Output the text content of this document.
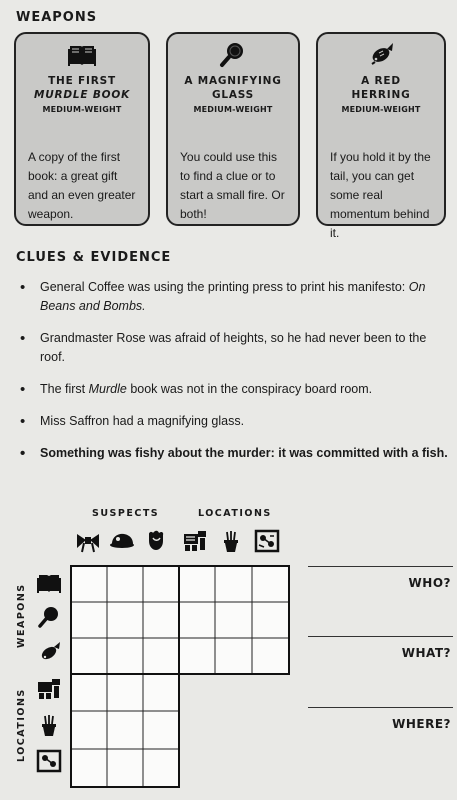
WEAPONS
THE FIRST
MURDLE BOOK
MEDIUM-WEIGHT
A copy of the first book: a great gift and an even greater weapon.
A MAGNIFYING
GLASS
MEDIUM-WEIGHT
You could use this to find a clue or to start a small fire. Or both!
A RED
HERRING
MEDIUM-WEIGHT
If you hold it by the tail, you can get some real momentum behind it.
CLUES & EVIDENCE
• General Coffee was using the printing press to print his manifesto: On Beans and Bombs.
• Grandmaster Rose was afraid of heights, so he had never been to the roof.
• The first Murdle book was not in the conspiracy board room.
• Miss Saffron had a magnifying glass.
• Something was fishy about the murder: it was committed with a fish.
SUSPECTS	LOCATIONS
WEAPONS
LOCATIONS
WHO?
WHAT?
WHERE?
